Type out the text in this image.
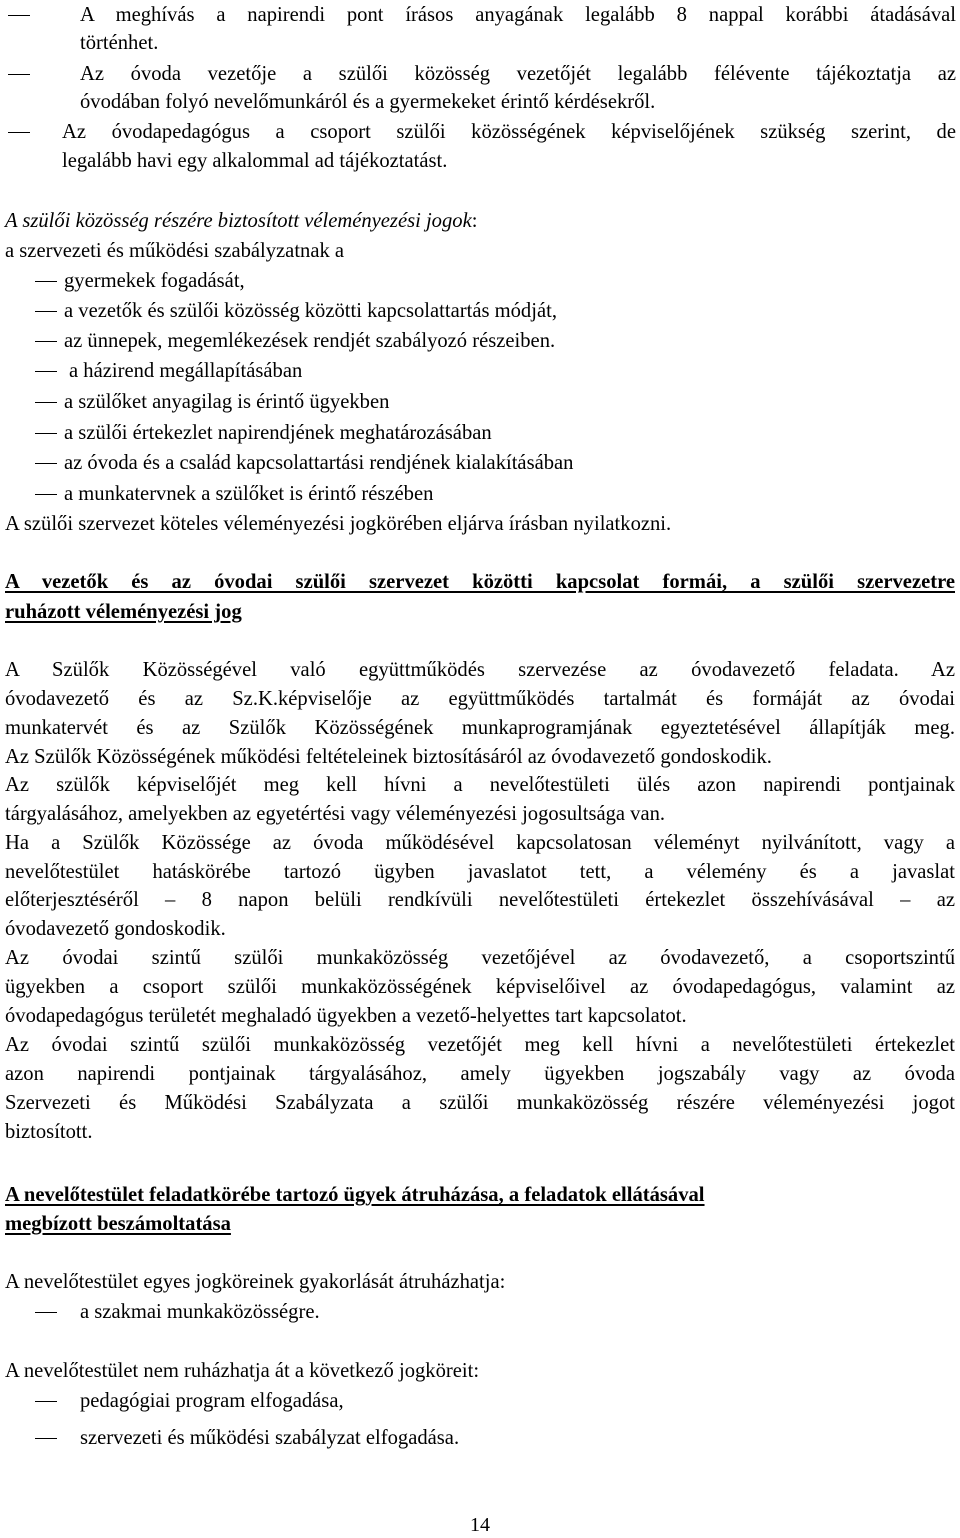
A meghívás a napirendi pont írásos anyagának legalább 8 nappal korábbi átadásával
történhet.
Az óvoda vezetője a szülői közösség vezetőjét legalább félévente tájékoztatja az
óvodában folyó nevelőmunkáról és a gyermekeket érintő kérdésekről.
Az óvodapedagógus a csoport szülői közösségének képviselőjének szükség szerint, de
legalább havi egy alkalommal ad tájékoztatást.
A szülői közösség részére biztosított véleményezési jogok:
a szervezeti és működési szabályzatnak a
gyermekek fogadását,
a vezetők és szülői közösség közötti kapcsolattartás módját,
az ünnepek, megemlékezések rendjét szabályozó részeiben.
a házirend megállapításában
a szülőket anyagilag is érintő ügyekben
a szülői értekezlet napirendjének meghatározásában
az óvoda és a család kapcsolattartási rendjének kialakításában
a munkatervnek a szülőket is érintő részében
A szülői szervezet köteles véleményezési jogkörében eljárva írásban nyilatkozni.
A vezetők és az óvodai szülői szervezet közötti kapcsolat formái, a szülői szervezetre
ruházott véleményezési jog
A Szülők Közösségével való együttműködés szervezése az óvodavezető feladata. Az
óvodavezető és az Sz.K.képviselője az együttműködés tartalmát és formáját az óvodai
munkatervét és az Szülők Közösségének munkaprogramjának egyeztetésével állapítják meg.
Az Szülők Közösségének működési feltételeinek biztosításáról az óvodavezető gondoskodik.
Az szülők képviselőjét meg kell hívni a nevelőtestületi ülés azon napirendi pontjainak
tárgyalásához, amelyekben az egyetértési vagy véleményezési jogosultsága van.
Ha a Szülők Közössége az óvoda működésével kapcsolatosan véleményt nyilvánított, vagy a
nevelőtestület hatáskörébe tartozó ügyben javaslatot tett, a vélemény és a javaslat
előterjesztéséről – 8 napon belüli rendkívüli nevelőtestületi értekezlet összehívásával – az
óvodavezető gondoskodik.
Az óvodai szintű szülői munkaközösség vezetőjével az óvodavezető, a csoportszintű
ügyekben a csoport szülői munkaközösségének képviselőivel az óvodapedagógus, valamint az
óvodapedagógus területét meghaladó ügyekben a vezető-helyettes tart kapcsolatot.
Az óvodai szintű szülői munkaközösség vezetőjét meg kell hívni a nevelőtestületi értekezlet
azon napirendi pontjainak tárgyalásához, amely ügyekben jogszabály vagy az óvoda
Szervezeti és Működési Szabályzata a szülői munkaközösség részére véleményezési jogot
biztosított.
A nevelőtestület feladatkörébe tartozó ügyek átruházása, a feladatok ellátásával
megbízott beszámoltatása
A nevelőtestület egyes jogköreinek gyakorlását átruházhatja:
a szakmai munkaközösségre.
A nevelőtestület nem ruházhatja át a következő jogköreit:
pedagógiai program elfogadása,
szervezeti és működési szabályzat elfogadása.
14
